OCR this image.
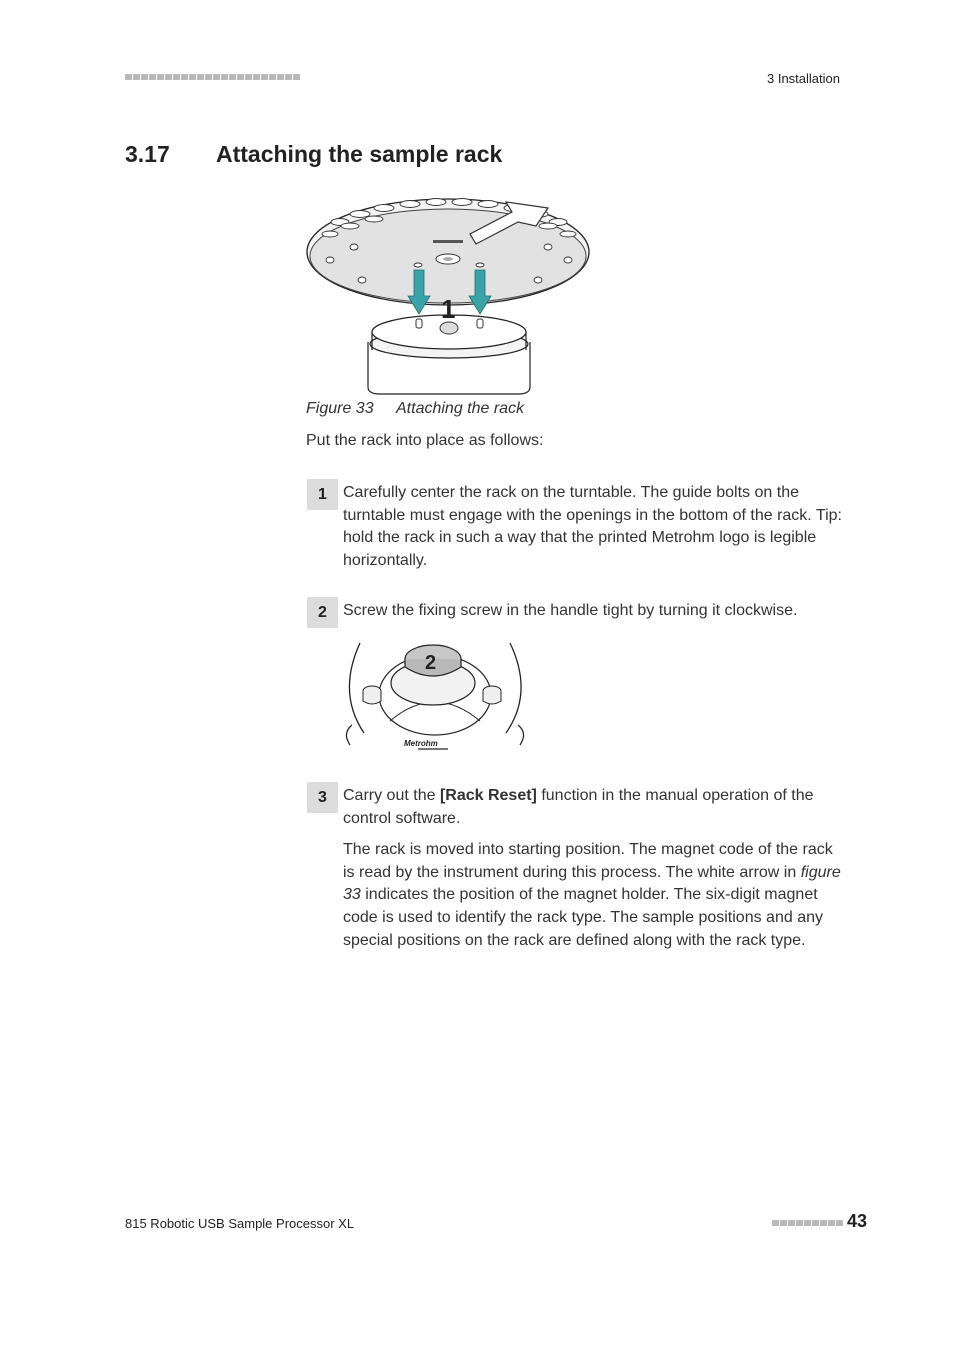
3 Installation
3.17 Attaching the sample rack
1
Figure 33 Attaching the rack
Put the rack into place as follows:
1	Carefully center the rack on the turntable. The guide bolts on the turntable must engage with the openings in the bottom of the rack. Tip: hold the rack in such a way that the printed Metrohm logo is legible horizontally.
2	Screw the fixing screw in the handle tight by turning it clockwise.
2
Metrohm
3	Carry out the [Rack Reset] function in the manual operation of the control software.
The rack is moved into starting position. The magnet code of the rack is read by the instrument during this process. The white arrow in figure 33 indicates the position of the magnet holder. The six-digit magnet code is used to identify the rack type. The sample positions and any special positions on the rack are defined along with the rack type.
815 Robotic USB Sample Processor XL	43
